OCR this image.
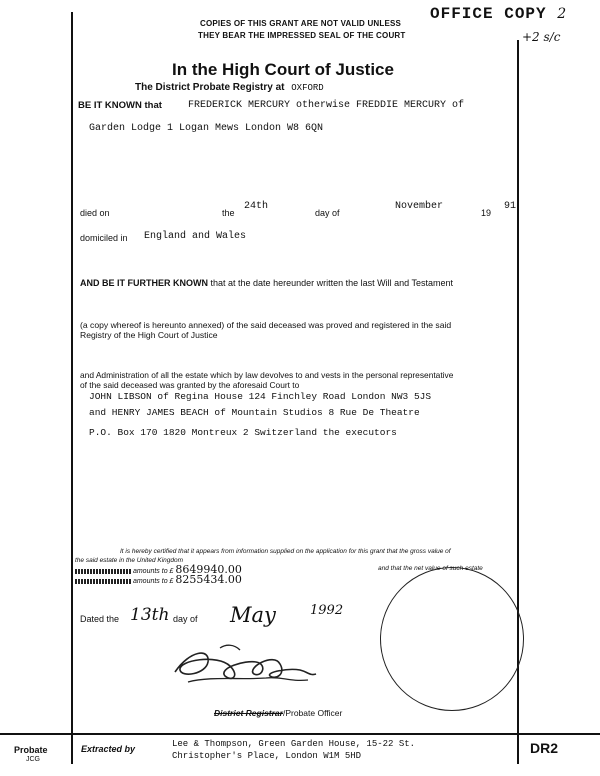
COPIES OF THIS GRANT ARE NOT VALID UNLESS
THEY BEAR THE IMPRESSED SEAL OF THE COURT
OFFICE COPY 2
+2 s/c
In the High Court of Justice
The District Probate Registry at OXFORD
BE IT KNOWN that	FREDERICK MERCURY otherwise FREDDIE MERCURY of
Garden Lodge 1 Logan Mews London W8 6QN
died on	the
24th
day of
November
19
91
domiciled in England and Wales
AND BE IT FURTHER KNOWN that at the date hereunder written the last Will and Testament
(a copy whereof is hereunto annexed) of the said deceased was proved and registered in the said
Registry of the High Court of Justice
and Administration of all the estate which by law devolves to and vests in the personal representative
of the said deceased was granted by the aforesaid Court to
JOHN LIBSON of Regina House 124 Finchley Road London NW3 5JS
and HENRY JAMES BEACH of Mountain Studios 8 Rue De Theatre
P.O. Box 170 1820 Montreux 2 Switzerland the executors
It is hereby certified that it appears from information supplied on the application for this grant that the gross value of
the said estate in the United Kingdom
amounts to £ 8649940.00	and that the net value of such estate
amounts to £ 8255434.00
Dated the 13th day of May	1992
District Registrar/Probate Officer
Probate
JCG
Extracted by	Lee & Thompson, Green Garden House, 15-22 St.
Christopher's Place, London W1M 5HD	DR2
